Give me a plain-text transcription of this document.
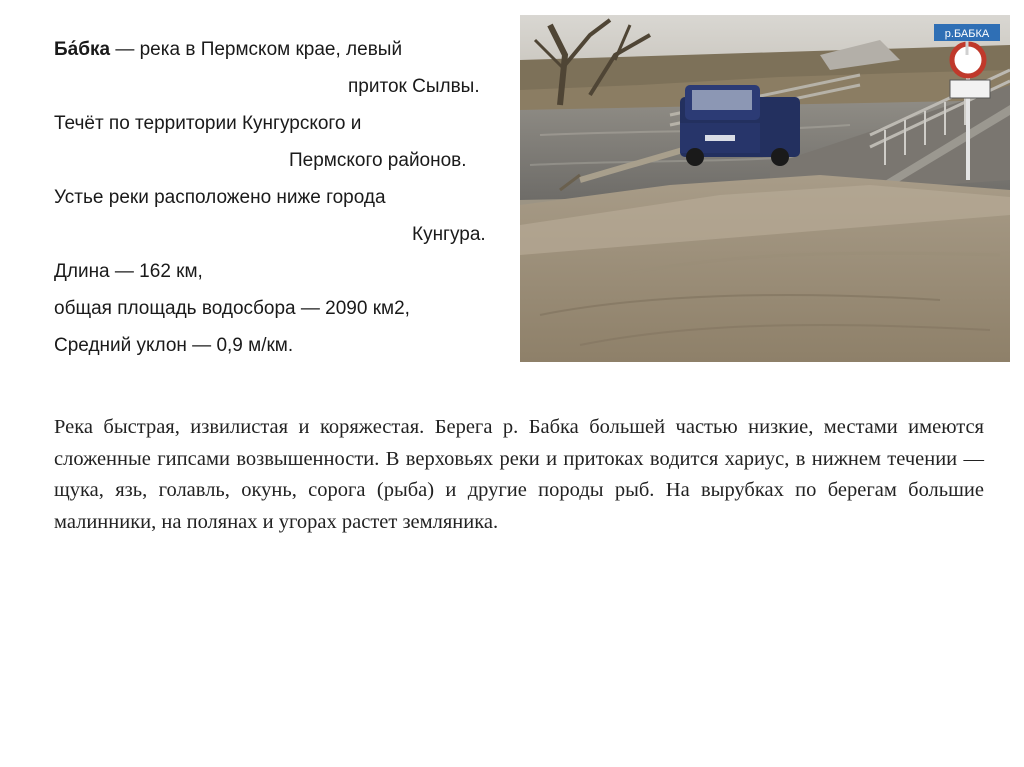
Ба́бка — река в Пермском крае, левый
приток Сылвы.
Течёт по территории Кунгурского и
Пермского районов.
Устье реки расположено ниже города
Кунгура.
Длина — 162 км,
общая площадь водосбора — 2090 км2,
Средний уклон — 0,9 м/км.
р.БАБКА
Река быстрая, извилистая и коряжестая. Берега р. Бабка большей частью низкие, местами имеются сложенные гипсами возвышенности. В верховьях реки и притоках водится хариус, в нижнем течении — щука, язь, голавль, окунь, сорога (рыба) и другие породы рыб. На вырубках по берегам большие малинники, на полянах и угорах растет земляника.
